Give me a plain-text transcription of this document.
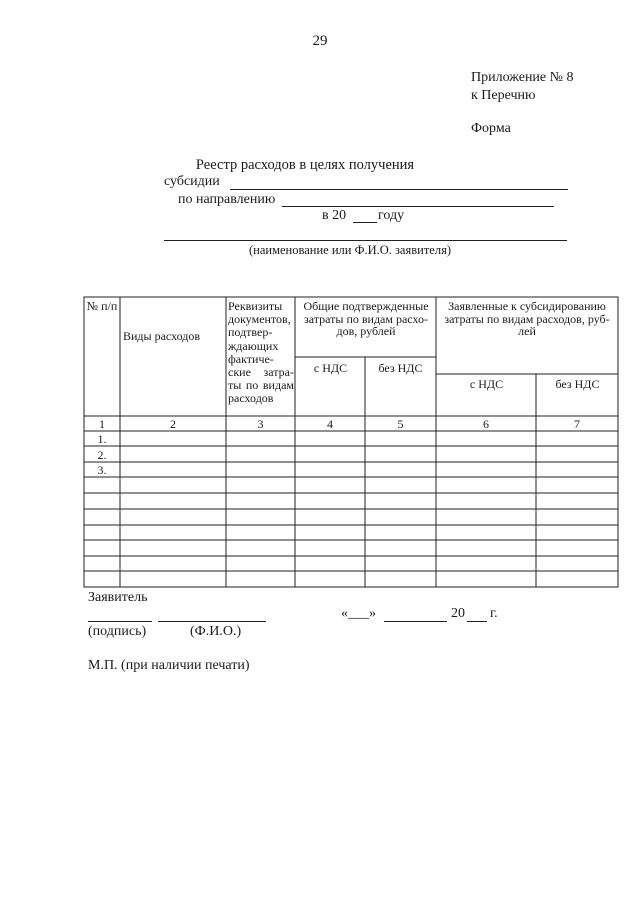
29
Приложение № 8
к Перечню
Форма
Реестр расходов в целях получения
субсидии
по направлению
в 20 году
(наименование или Ф.И.О. заявителя)
№ п/п
Виды расходов
Реквизиты документов, подтвер-ждающих фактиче-ские затра-ты по видам расходов
Общие подтвержденные затраты по видам расхо-дов, рублей
Заявленные к субсидированию затраты по видам расходов, руб-лей
с НДС	без НДС
с НДС	без НДС
1	2	3	4	5	6	7
1.
2.
3.
Заявитель
(подпись)	(Ф.И.О.)
«___»	20 г.
М.П. (при наличии печати)
